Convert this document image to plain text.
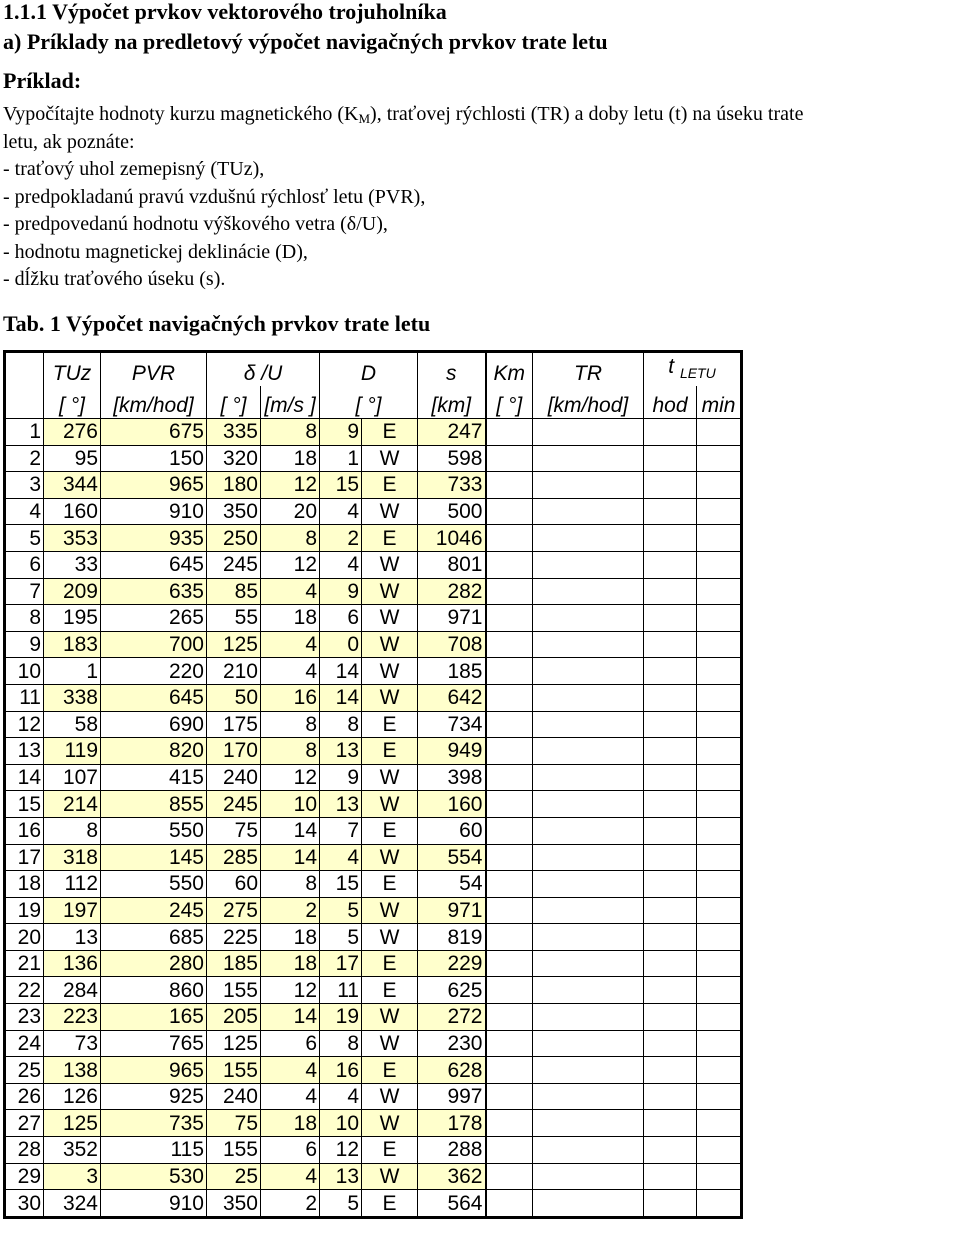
1.1.1 Výpočet prvkov vektorového trojuholníka
a) Príklady na predletový výpočet navigačných prvkov trate letu
Príklad:

Vypočítajte hodnoty kurzu magnetického $(K_M)$, traťovej rýchlosti (TR) a doby letu (t) na úseku trate

letu, ak poznáte:

- traťový uhol zemepisný (TUz),

- predpokladanú pravú vzdušnú rýchlosť letu (PVR),

- predpovedanú hodnotu výškového vetra (δ/U),

- hodnotu magnetickej deklinácie (D),

- dĺžku traťového úseku (s).

Tab. 1 Výpočet navigačných prvkov trate letu
	TUz	PVR	δ /U		D		s	Km	TR	t $_{LETU}$
	[ °]	[km/hod]	[ °]	[m/s ]	[ °]		[km]	[ °]	[km/hod]	hod	min
1	276	675	335	8	9	E	247				
2	95	150	320	18	1	W	598				
3	344	965	180	12	15	E	733				
4	160	910	350	20	4	W	500				
5	353	935	250	8	2	E	1046				
6	33	645	245	12	4	W	801				
7	209	635	85	4	9	W	282				
8	195	265	55	18	6	W	971				
9	183	700	125	4	0	W	708				
10	1	220	210	4	14	W	185				
11	338	645	50	16	14	W	642				
12	58	690	175	8	8	E	734				
13	119	820	170	8	13	E	949				
14	107	415	240	12	9	W	398				
15	214	855	245	10	13	W	160				
16	8	550	75	14	7	E	60				
17	318	145	285	14	4	W	554				
18	112	550	60	8	15	E	54				
19	197	245	275	2	5	W	971				
20	13	685	225	18	5	W	819				
21	136	280	185	18	17	E	229				
22	284	860	155	12	11	E	625				
23	223	165	205	14	19	W	272				
24	73	765	125	6	8	W	230				
25	138	965	155	4	16	E	628				
26	126	925	240	4	4	W	997				
27	125	735	75	18	10	W	178				
28	352	115	155	6	12	E	288				
29	3	530	25	4	13	W	362				
30	324	910	350	2	5	E	564				
